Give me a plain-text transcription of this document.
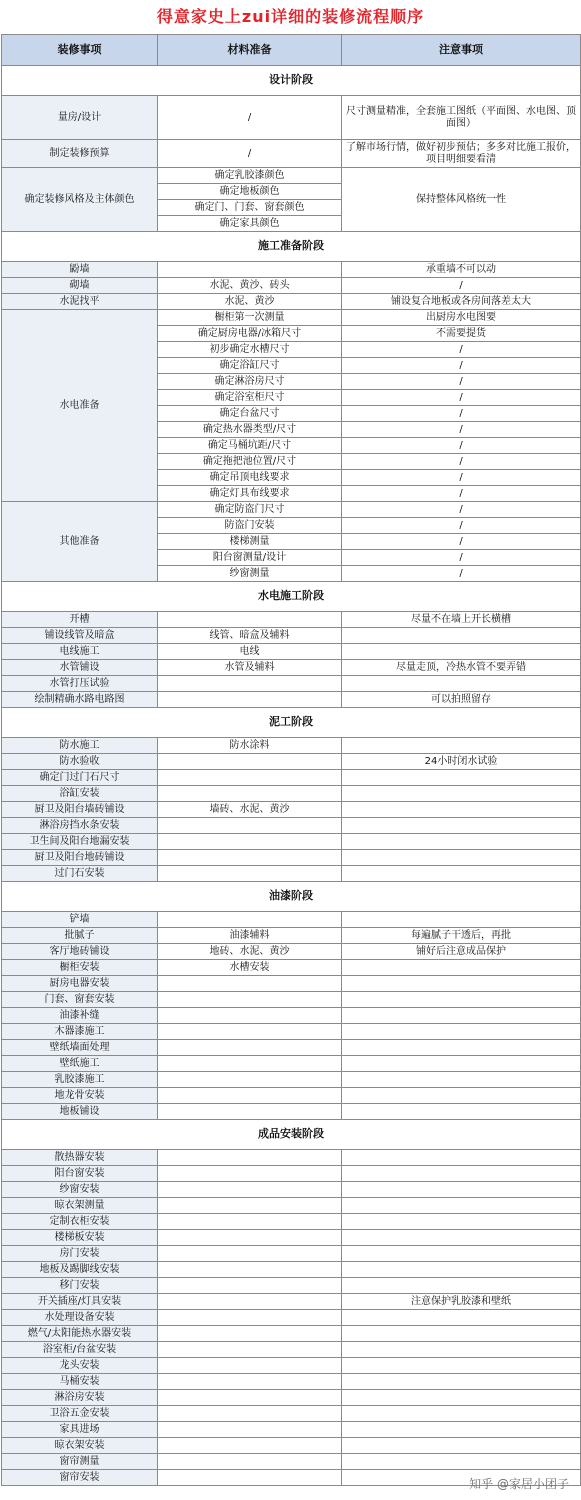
得意家史上zui详细的装修流程顺序
装修事项	材料准备	注意事项
设计阶段		
量房/设计	/	尺寸测量精准，全套施工图纸（平面图、水电图、顶面图）
制定装修预算	/	了解市场行情，做好初步预估；多多对比施工报价，项目明细要看清
确定装修风格及主体颜色	确定乳胶漆颜色	保持整体风格统一性
	确定地板颜色	
	确定门、门套、窗套颜色	
	确定家具颜色	
施工准备阶段		
鼢墙		承重墙不可以动
砌墙	水泥、黄沙、砖头	/
水泥找平	水泥、黄沙	铺设复合地板或各房间落差太大
水电准备	橱柜第一次测量	出厨房水电图要
	确定厨房电器/冰箱尺寸	不需要提货
	初步确定水槽尺寸	/
	确定浴缸尺寸	/
	确定淋浴房尺寸	/
	确定浴室柜尺寸	/
	确定台盆尺寸	/
	确定热水器类型/尺寸	/
	确定马桶坑距/尺寸	/
	确定拖把池位置/尺寸	/
	确定吊顶电线要求	/
	确定灯具布线要求	/
其他准备	确定防盗门尺寸	/
	防盗门安装	/
	楼梯测量	/
	阳台窗测量/设计	/
	纱窗测量	/
水电施工阶段		
开槽		尽量不在墙上开长横槽
铺设线管及暗盒	线管、暗盒及辅料	
电线施工	电线	
水管铺设	水管及辅料	尽量走顶，冷热水管不要弄错
水管打压试验		
绘制精确水路电路图		可以拍照留存
泥工阶段		
防水施工	防水涂料	
防水验收		24小时闭水试验
确定门过门石尺寸		
浴缸安装		
厨卫及阳台墙砖铺设	墙砖、水泥、黄沙	
淋浴房挡水条安装		
卫生间及阳台地漏安装		
厨卫及阳台地砖铺设		
过门石安装		
油漆阶段		
铲墙		
批腻子	油漆辅料	每遍腻子干透后，再批
客厅地砖铺设	地砖、水泥、黄沙	铺好后注意成品保护
橱柜安装	水槽安装	
厨房电器安装		
门套、窗套安装		
油漆补缝		
木器漆施工		
壁纸墙面处理		
壁纸施工		
乳胶漆施工		
地龙骨安装		
地板铺设		
成品安装阶段		
散热器安装		
阳台窗安装		
纱窗安装		
晾衣架测量		
定制衣柜安装		
楼梯板安装		
房门安装		
地板及踢脚线安装		
移门安装		
开关插座/灯具安装		注意保护乳胶漆和壁纸
水处理设备安装		
燃气/太阳能热水器安装		
浴室柜/台盆安装		
龙头安装		
马桶安装		
淋浴房安装		
卫浴五金安装		
家具进场		
晾衣架安装		
窗帘测量		
窗帘安装			知乎 @家居小团子
